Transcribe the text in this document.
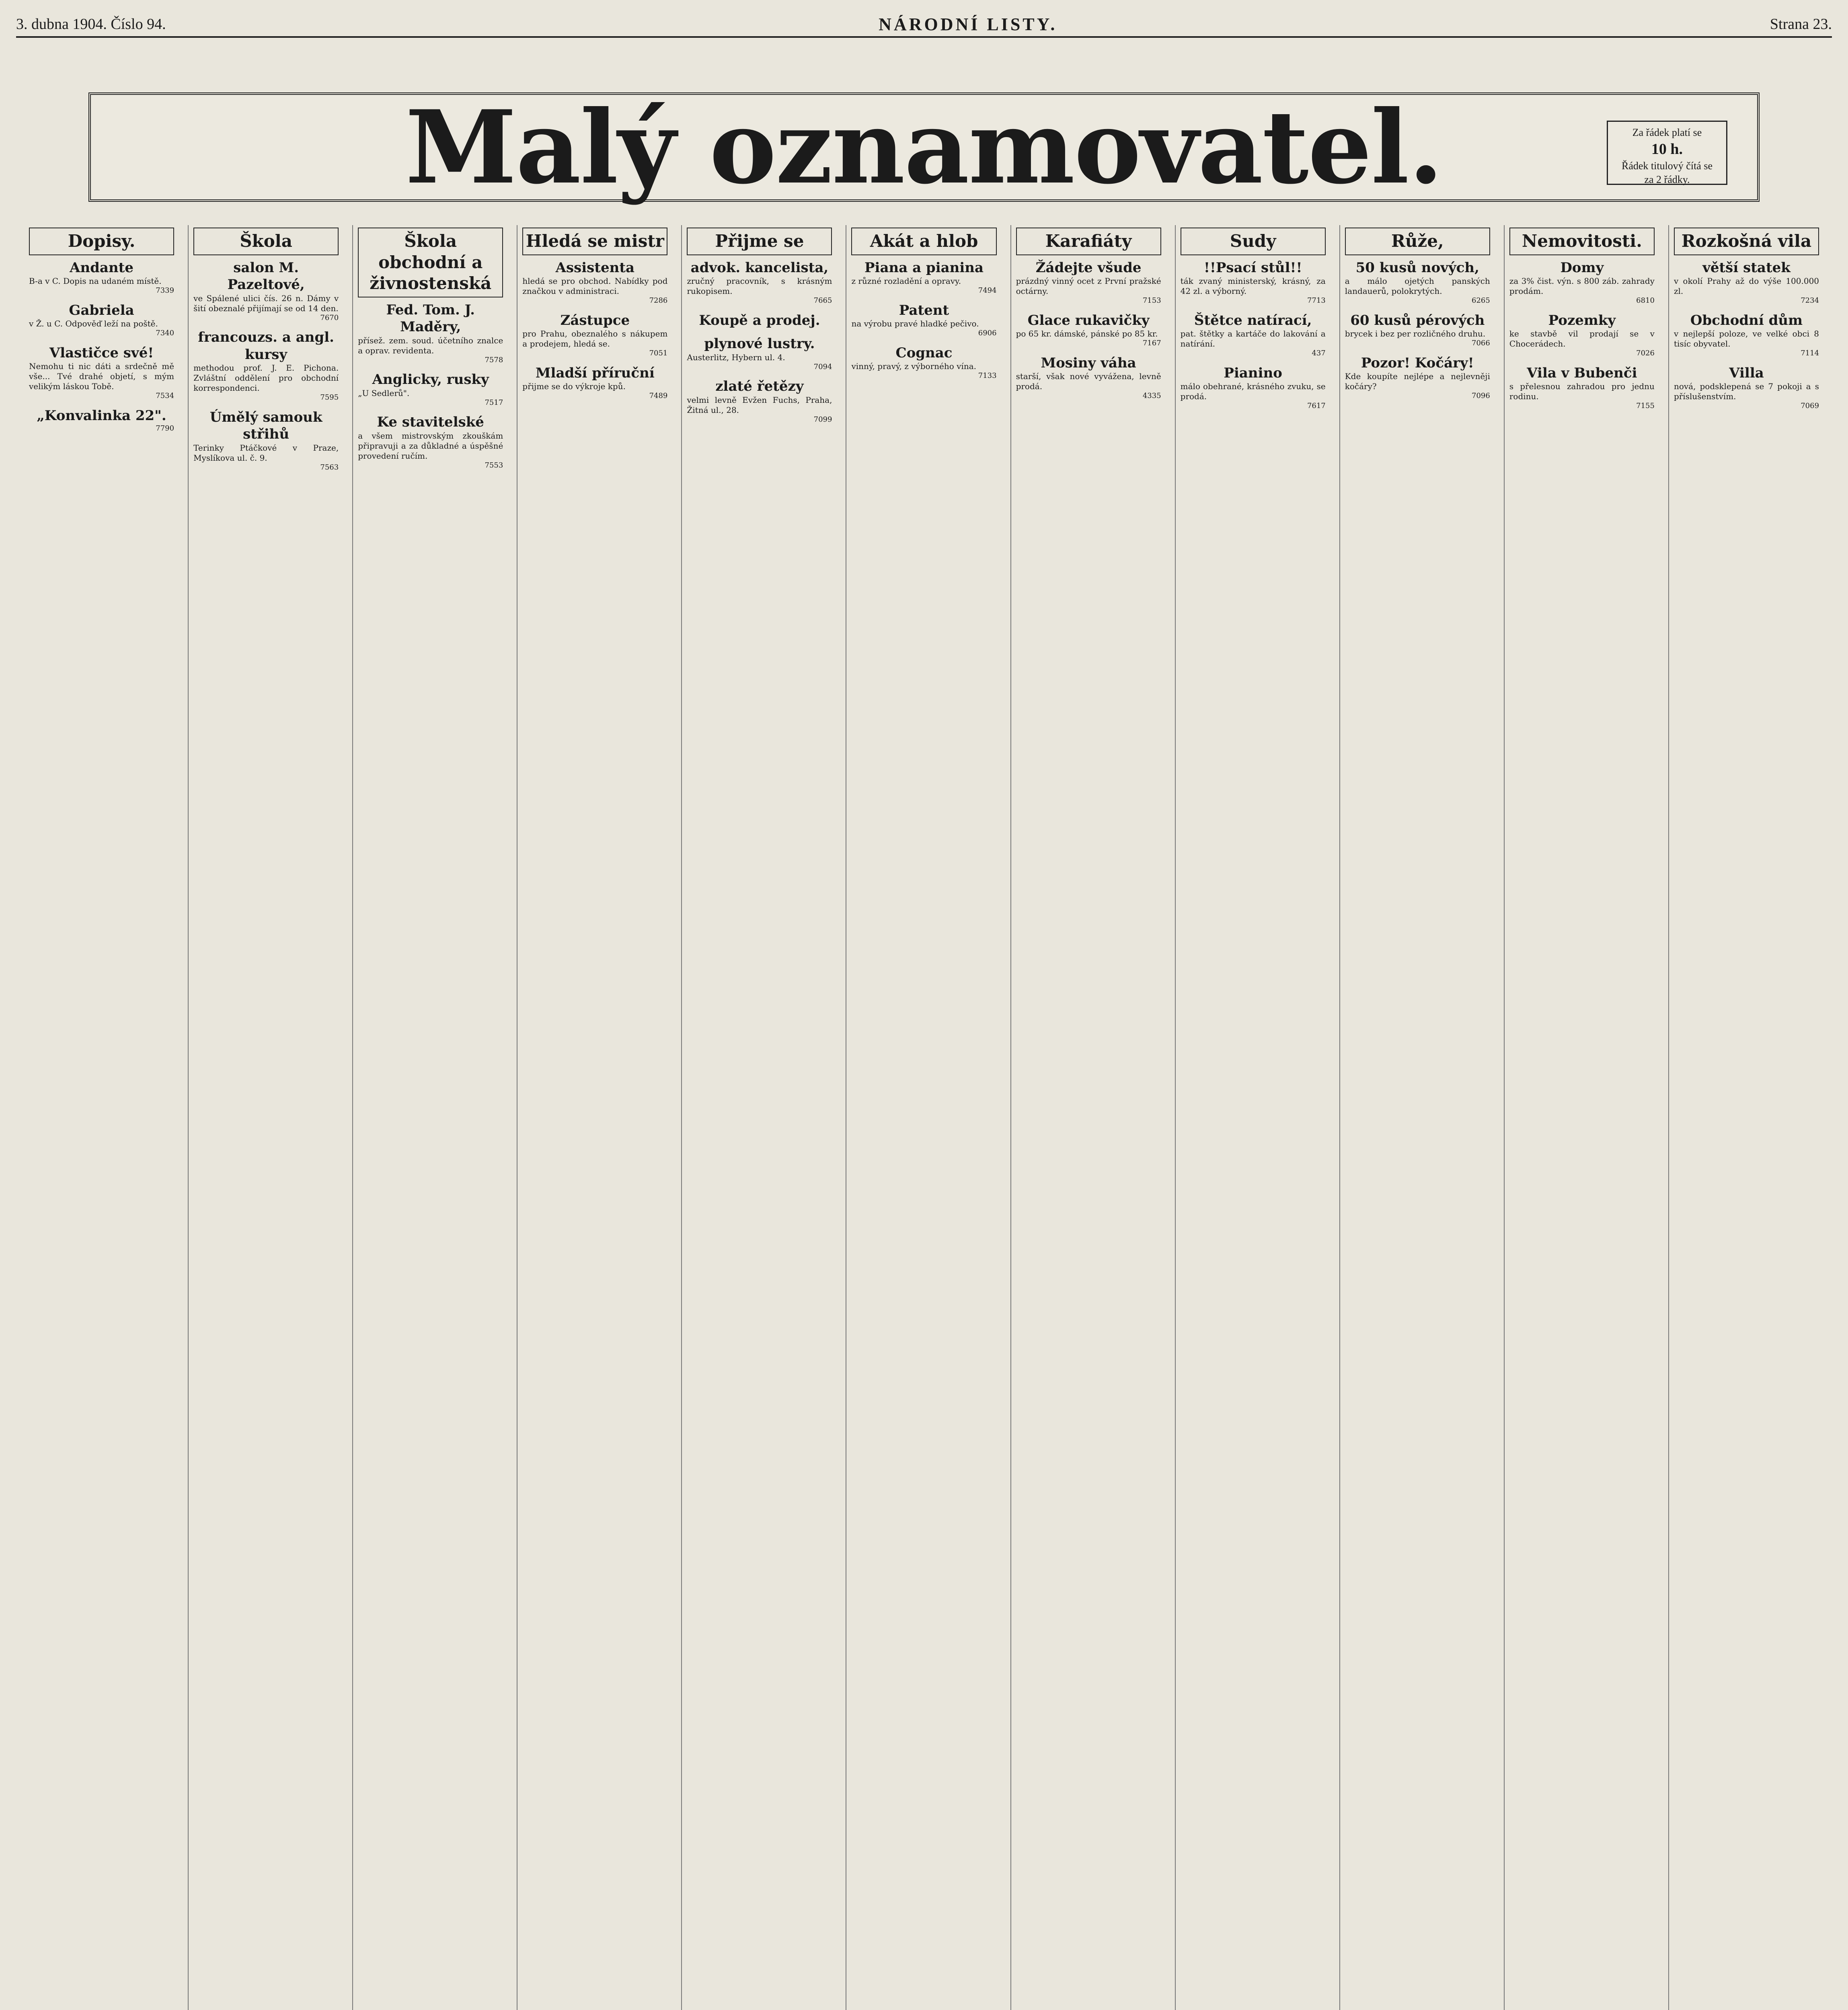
3. dubna 1904. Číslo 94.	NÁRODNÍ LISTY.	Strana 23.
Malý oznamovatel.	Za řádek platí se
10 h.
Řádek titulový čítá se
za 2 řádky.
Dopisy.
Andante
B-a v C. Dopis na udaném místě.
7339
Gabriela
v Ž. u C. Odpověď leží na poště.
7340
Vlastičce své!
Nemohu ti nic dáti a srdečně mě vše... Tvé drahé objetí, s mým velikým láskou Tobě.
7534
„Konvalinka 22".
7790
Škola
salon M. Pazeltové,
ve Spálené ulici čís. 26 n. Dámy v šití obeznalé přijímají se od 14 den.
7670
francouzs. a angl. kursy
methodou prof. J. E. Pichona. Zvláštní oddělení pro obchodní korrespondenci.
7595
Úmělý samouk střihů
Terinky Ptáčkové v Praze, Myslíkova ul. č. 9.
7563
Škola obchodní a živnostenská
Fed. Tom. J. Maděry,
přísež. zem. soud. účetního znalce a oprav. revidenta.
7578
Anglicky, rusky
„U Sedlerů".
7517
Ke stavitelské
a všem mistrovským zkouškám připravuji a za důkladné a úspěšné provedení ručím.
7553
Hledá se mistr
Assistenta
hledá se pro obchod. Nabídky pod značkou v administraci.
7286
Zástupce
pro Prahu, obeznalého s nákupem a prodejem, hledá se.
7051
Mladší příruční
přijme se do výkroje kpů.
7489
Přijme se
advok. kancelista,
zručný pracovník, s krásným rukopisem.
7665
Koupě a prodej.
plynové lustry.
Austerlitz, Hybern ul. 4.
7094
zlaté řetězy
velmi levně Evžen Fuchs, Praha, Žitná ul., 28.
7099
Akát a hlob
Piana a pianina
z různé rozladění a opravy.
7494
Patent
na výrobu pravé hladké pečivo.
6906
Cognac
vinný, pravý, z výborného vína.
7133
Karafiáty
Žádejte všude
prázdný vinný ocet z První pražské octárny.
7153
Glace rukavičky
po 65 kr. dámské, pánské po 85 kr.
7167
Mosiny váha
starší, však nové vyvážena, levně prodá.
4335
Sudy
!!Psací stůl!!
ták zvaný ministerský, krásný, za 42 zl. a výborný.
7713
Štětce natírací,
pat. štětky a kartáče do lakování a natírání.
437
Pianino
málo obehrané, krásného zvuku, se prodá.
7617
Růže,
50 kusů nových,
a málo ojetých panských landauerů, polokrytých.
6265
60 kusů pérových
brycek i bez per rozličného druhu.
7066
Pozor! Kočáry!
Kde koupíte nejlépe a nejlevněji kočáry?
7096
Nemovitosti.
Domy
za 3% čist. výn. s 800 záb. zahrady prodám.
6810
Pozemky
ke stavbě vil prodají se v Chocerádech.
7026
Vila v Bubenči
s přelesnou zahradou pro jednu rodinu.
7155
Rozkošná vila
větší statek
v okolí Prahy až do výše 100.000 zl.
7234
Obchodní dům
v nejlepší poloze, ve velké obci 8 tisíc obyvatel.
7114
Villa
nová, podsklepená se 7 pokoji a s příslušenstvím.
7069
